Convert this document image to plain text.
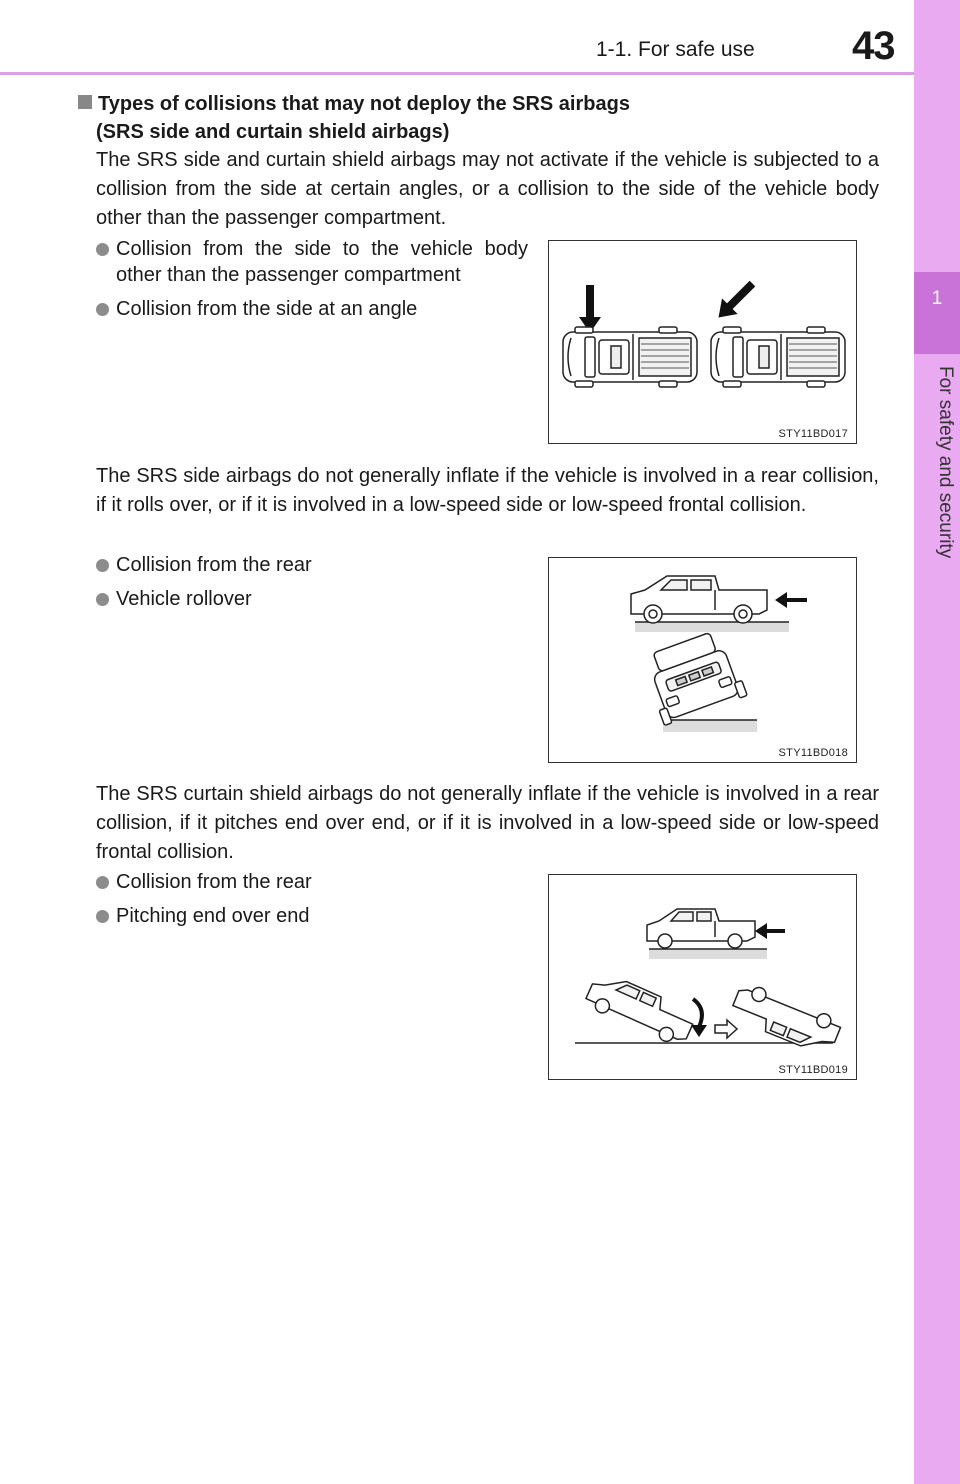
43
1-1. For safe use
1
For safety and security
Types of collisions that may not deploy the SRS airbags
(SRS side and curtain shield airbags)
The SRS side and curtain shield airbags may not activate if the vehicle is subjected to a collision from the side at certain angles, or a collision to the side of the vehicle body other than the passenger compartment.
Collision from the side to the vehicle body other than the passenger compartment
Collision from the side at an angle
STY11BD017
The SRS side airbags do not generally inflate if the vehicle is involved in a rear collision, if it rolls over, or if it is involved in a low-speed side or low-speed frontal collision.
Collision from the rear
Vehicle rollover
STY11BD018
The SRS curtain shield airbags do not generally inflate if the vehicle is involved in a rear collision, if it pitches end over end, or if it is involved in a low-speed side or low-speed frontal collision.
Collision from the rear
Pitching end over end
STY11BD019
